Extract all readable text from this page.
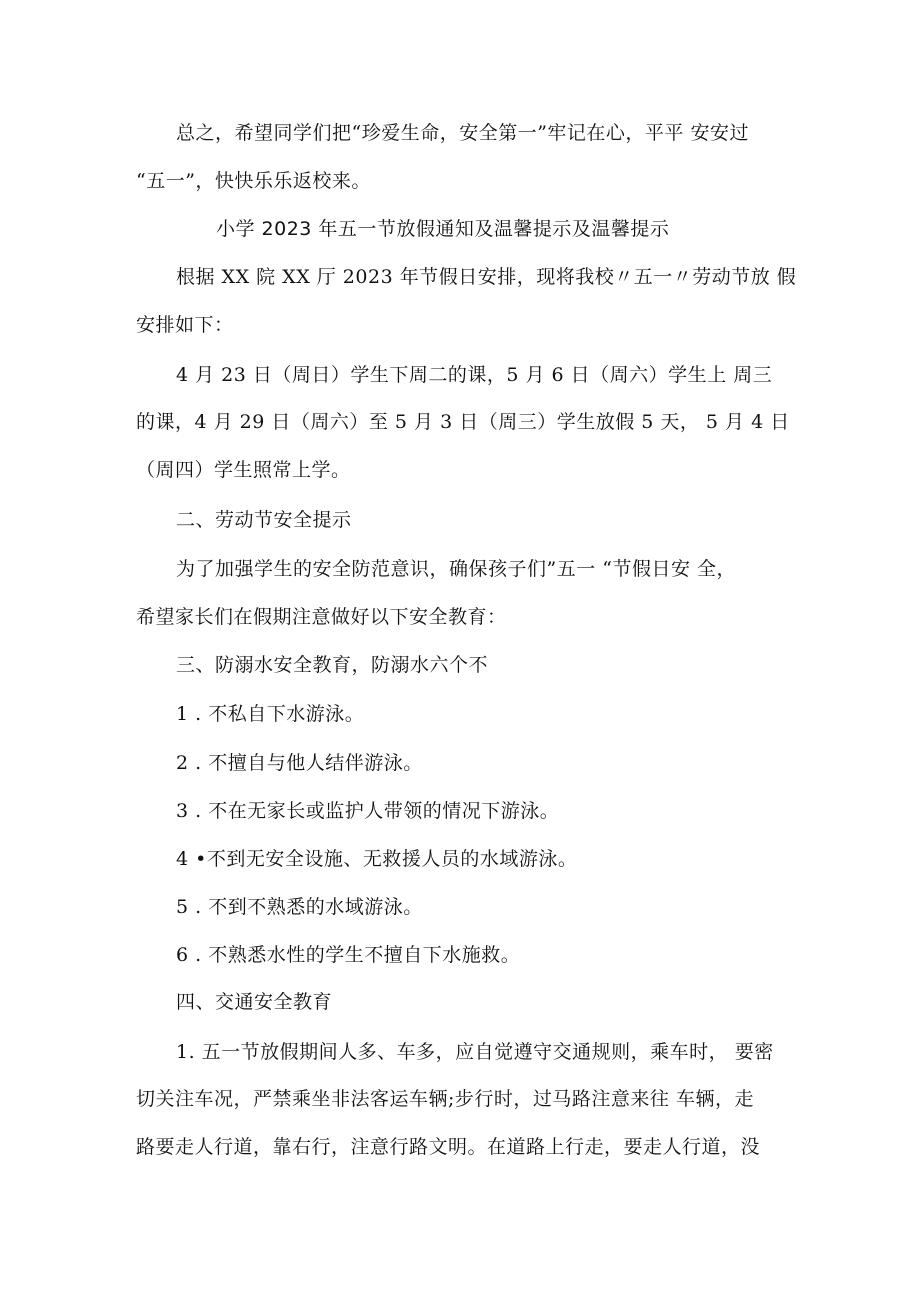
总之，希望同学们把“珍爱生命，安全第一”牢记在心，平平 安安过
“五一”，快快乐乐返校来。
小学 2023 年五一节放假通知及温馨提示及温馨提示
根据 XX 院 XX 厅 2023 年节假日安排，现将我校〃五一〃劳动节放 假
安排如下：
4 月 23 日（周日）学生下周二的课，5 月 6 日（周六）学生上 周三
的课，4 月 29 日（周六）至 5 月 3 日（周三）学生放假 5 天， 5 月 4 日
（周四）学生照常上学。
二、劳动节安全提示
为了加强学生的安全防范意识，确保孩子们”五一 “节假日安 全，
希望家长们在假期注意做好以下安全教育：
三、防溺水安全教育，防溺水六个不
1 . 不私自下水游泳。
2 . 不擅自与他人结伴游泳。
3 . 不在无家长或监护人带领的情况下游泳。
4 •不到无安全设施、无救援人员的水域游泳。
5 . 不到不熟悉的水域游泳。
6 . 不熟悉水性的学生不擅自下水施救。
四、交通安全教育
1. 五一节放假期间人多、车多，应自觉遵守交通规则，乘车时， 要密
切关注车况，严禁乘坐非法客运车辆;步行时，过马路注意来往 车辆，走
路要走人行道，靠右行，注意行路文明。在道路上行走，要走人行道，没
